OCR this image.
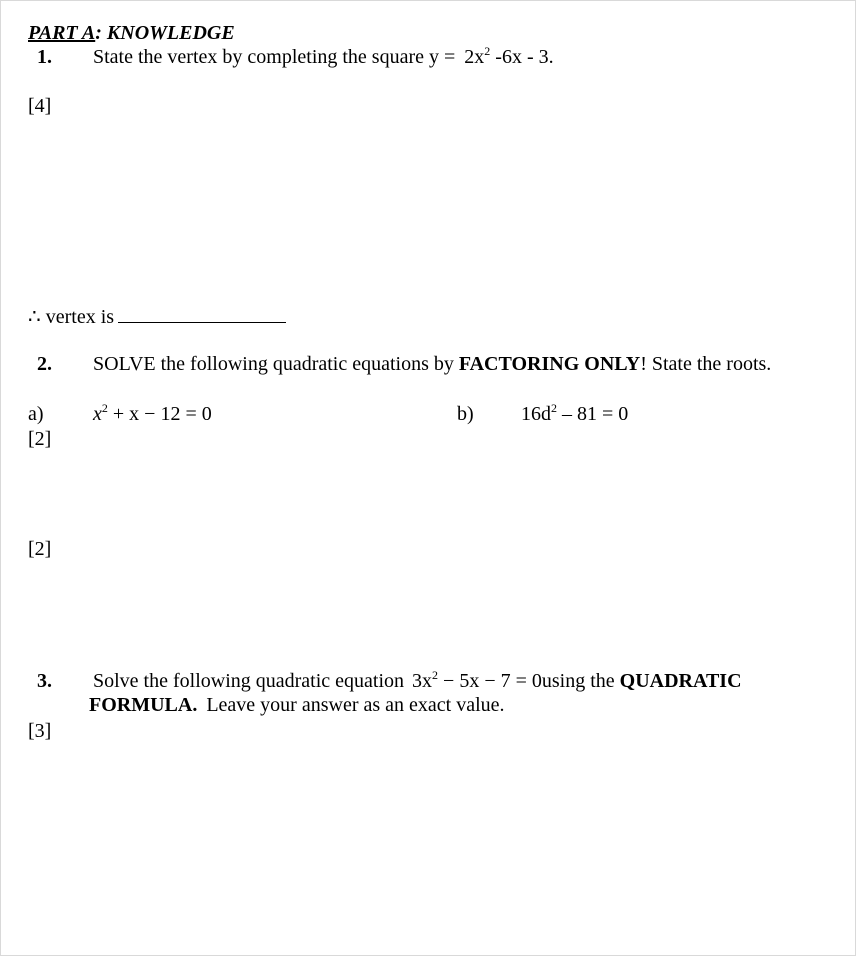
PART A: KNOWLEDGE
1. State the vertex by completing the square $y = 2x^2$ -6x - 3.
[4]
∴ vertex is
2. SOLVE the following quadratic equations by FACTORING ONLY! State the roots.
a) $x^2 + x - 12 = 0$
[2]
b) $16d^2 - 81 = 0$
[2]
3. Solve the following quadratic equation $3x^2 - 5x - 7 = 0using$ the QUADRATIC
FORMULA. Leave your answer as an exact value.
[3]
